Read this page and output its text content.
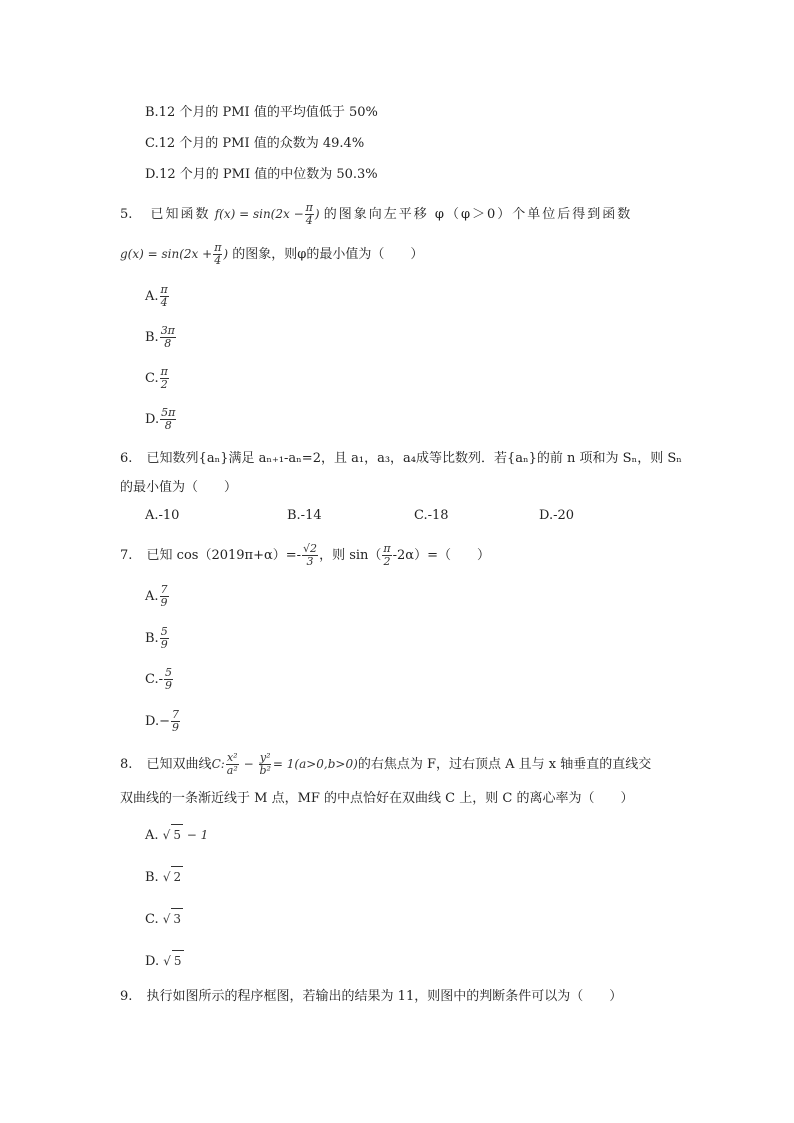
B.12 个月的 PMI 值的平均值低于 50%
C.12 个月的 PMI 值的众数为 49.4%
D.12 个月的 PMI 值的中位数为 50.3%
5. 已知函数 $f(x) = \sin(2x - \frac{\pi}{4}$ ) 的图象向左平移 φ（φ＞0）个单位后得到函数
$g(x) = \sin(2x + \frac{\pi}{4}$ ) 的图象，则φ的最小值为（　　）
A. $\frac{\pi}{4}$
B. $\frac{3\pi}{8}$
C. $\frac{\pi}{2}$
D. $\frac{5\pi}{8}$
6. 已知数列{aₙ}满足 aₙ₊₁-aₙ=2，且 a₁，a₃，a₄成等比数列．若{aₙ}的前 n 项和为 Sₙ，则 Sₙ
的最小值为（　　）
A.-10	B.-14	C.-18	D.-20
7. 已知 $\cos(2019\pi+\alpha)=- \frac{√2}{3}$ ，则 $\sin( \frac{\pi}{2} -2\alpha)=$（　　）
A. $\frac{7}{9}$
B. $\frac{5}{9}$
$C.- \frac{5}{9}$
$D.- \frac{7}{9}$
8. 已知双曲线C: $\frac{\text{x²}}{\text{a²}} - \frac{\text{y²}}{\text{b²}} = 1(a>0,b>0)$的右焦点为 F，过右顶点 A 且与 x 轴垂直的直线交
双曲线的一条渐近线于 M 点，MF 的中点恰好在双曲线 C 上，则 C 的离心率为（　　）
A. √ 5 − 1
B. √ 2
C. √ 3
D. √ 5
9. 执行如图所示的程序框图，若输出的结果为 11，则图中的判断条件可以为（　　）
